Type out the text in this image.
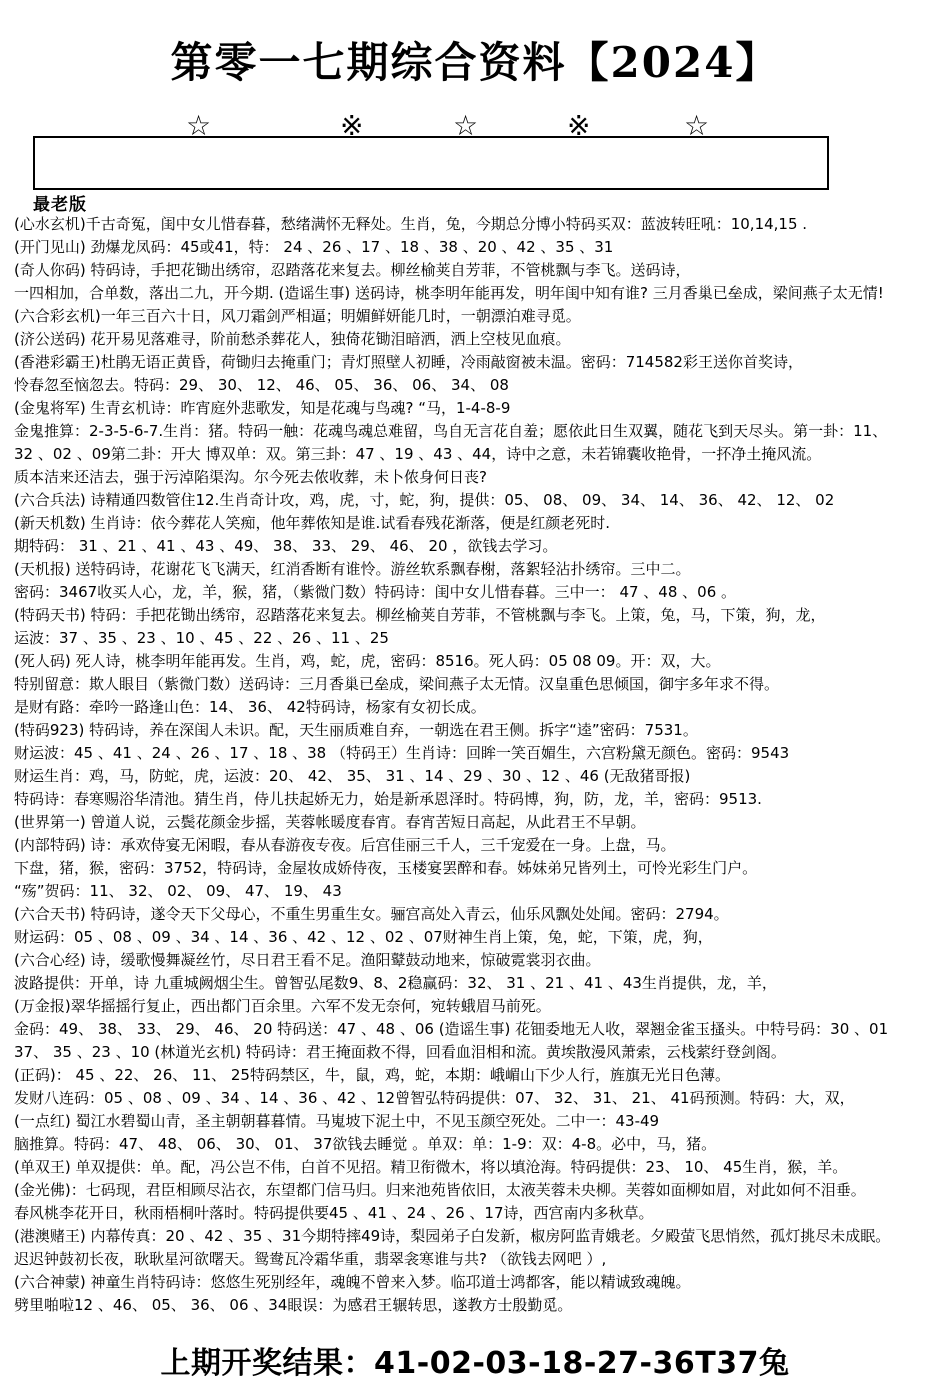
第零一七期综合资料【2024】
☆	※	☆	※	☆
最老版
(心水玄机)千古奇冤，闺中女儿惜春暮，愁绪满怀无释处。生肖，兔，今期总分博小特码买双：蓝波转旺吼：10,14,15 .
(开门见山) 劲爆龙凤码：45或41，特： 24 、26 、17 、18 、38 、20 、42 、35 、31
(奇人你码) 特码诗，手把花锄出绣帘，忍踏落花来复去。柳丝榆荚自芳菲，不管桃飘与李飞。送码诗，
一四相加，合单数，落出二九，开今期. (造谣生事) 送码诗，桃李明年能再发，明年闺中知有谁? 三月香巢已垒成，梁间燕子太无情!
(六合彩玄机)一年三百六十日，风刀霜剑严相逼；明媚鲜妍能几时，一朝漂泊难寻觅。
(济公送码) 花开易见落难寻，阶前愁杀葬花人，独倚花锄泪暗洒，洒上空枝见血痕。
(香港彩霸王)杜鹃无语正黄昏，荷锄归去掩重门；青灯照壁人初睡，冷雨敲窗被未温。密码：714582彩王送你首奖诗，
怜春忽至恼忽去。特码：29、 30、 12、 46、 05、 36、 06、 34、 08
(金鬼将军) 生青玄机诗：昨宵庭外悲歌发，知是花魂与鸟魂? “马，1-4-8-9
金鬼推算：2-3-5-6-7.生肖：猪。特码一触：花魂鸟魂总难留，鸟自无言花自羞；愿依此日生双翼，随花飞到天尽头。第一卦：11、
32 、02 、09第二卦：开大 博双单：双。第三卦：47 、19 、43 、44，诗中之意，未若锦囊收艳骨，一抔净土掩风流。
质本洁来还洁去，强于污淖陷渠沟。尔今死去侬收葬，未卜侬身何日丧?
(六合兵法) 诗精通四数管住12.生肖奇计攻，鸡，虎，寸，蛇，狗，提供：05、 08、 09、 34、 14、 36、 42、 12、 02
(新天机数) 生肖诗：依今葬花人笑痴，他年葬侬知是谁.试看春残花渐落，便是红颜老死时.
期特码： 31 、21 、41 、43 、49、 38、 33、 29、 46、 20 ，欲钱去学习。
(天机报) 送特码诗，花谢花飞飞满天，红消香断有谁怜。游丝软系飘春榭，落絮轻沾扑绣帘。三中二。
密码：3467收买人心，龙，羊，猴，猪，（紫微门数）特码诗：闺中女儿惜春暮。三中一： 47 、48 、06 。
(特码天书) 特码：手把花锄出绣帘，忍踏落花来复去。柳丝榆荚自芳菲，不管桃飘与李飞。上策，兔，马，下策，狗，龙，
运波：37 、35 、23 、10 、45 、22 、26 、11 、25
(死人码) 死人诗，桃李明年能再发。生肖，鸡，蛇，虎，密码：8516。死人码：05 08 09。开：双，大。
特别留意：欺人眼目（紫微门数）送码诗：三月香巢已垒成，梁间燕子太无情。汉皇重色思倾国，御宇多年求不得。
是财有路：牵吟一路逢山色：14、 36、 42特码诗，杨家有女初长成。
(特码923) 特码诗，养在深闺人未识。配，天生丽质难自弃，一朝选在君王侧。拆字“逵”密码：7531。
财运波：45 、41 、24 、26 、17 、18 、38 （特码王）生肖诗：回眸一笑百媚生，六宫粉黛无颜色。密码：9543
财运生肖：鸡，马，防蛇，虎，运波：20、 42、 35、 31 、14 、29 、30 、12 、46 (无敌猪哥报)
特码诗：春寒赐浴华清池。猜生肖，侍儿扶起娇无力，始是新承恩泽时。特码博，狗，防，龙，羊，密码：9513.
(世界第一) 曾道人说，云鬓花颜金步摇，芙蓉帐暖度春宵。春宵苦短日高起，从此君王不早朝。
(内部特码) 诗：承欢侍宴无闲暇，春从春游夜专夜。后宫佳丽三千人，三千宠爱在一身。上盘，马。
下盘，猪，猴，密码：3752，特码诗，金屋妆成娇侍夜，玉楼宴罢醉和春。姊妹弟兄皆列土，可怜光彩生门户。
“殇”贺码：11、 32、 02、 09、 47、 19、 43
(六合天书) 特码诗，遂令天下父母心，不重生男重生女。骊宫高处入青云，仙乐风飘处处闻。密码：2794。
财运码：05 、08 、09 、34 、14 、36 、42 、12 、02 、07财神生肖上策，兔，蛇，下策，虎，狗，
(六合心经) 诗，缓歌慢舞凝丝竹，尽日君王看不足。渔阳鼙鼓动地来，惊破霓裳羽衣曲。
波路提供：开单，诗 九重城阙烟尘生。曾智弘尾数9、8、2稳赢码：32、 31 、21 、41 、43生肖提供，龙，羊，
(万金报)翠华摇摇行复止，西出都门百余里。六军不发无奈何，宛转蛾眉马前死。
金码：49、 38、 33、 29、 46、 20 特码送：47 、48 、06 (造谣生事) 花钿委地无人收，翠翘金雀玉搔头。中特号码：30 、01
37、 35 、23 、10 (林道光玄机) 特码诗：君王掩面救不得，回看血泪相和流。黄埃散漫风萧索，云栈萦纡登剑阁。
(正码)： 45 、22、 26、 11、 25特码禁区，牛，鼠，鸡，蛇，本期：峨嵋山下少人行，旌旗无光日色薄。
发财八连码：05 、08 、09 、34 、14 、36 、42 、12曾智弘特码提供：07、 32、 31、 21、 41码预测。特码：大，双，
(一点红) 蜀江水碧蜀山青，圣主朝朝暮暮情。马嵬坡下泥土中，不见玉颜空死处。二中一：43-49
脑推算。特码：47、 48、 06、 30、 01、 37欲钱去睡觉 。单双：单：1-9：双：4-8。必中，马，猪。
(单双王) 单双提供：单。配，冯公岂不伟，白首不见招。精卫衔微木，将以填沧海。特码提供：23、 10、 45生肖，猴，羊。
(金光佛)：七码现，君臣相顾尽沾衣，东望都门信马归。归来池苑皆依旧，太液芙蓉未央柳。芙蓉如面柳如眉，对此如何不泪垂。
春风桃李花开日，秋雨梧桐叶落时。特码提供要45 、41 、24 、26 、17诗，西宫南内多秋草。
(港澳赌王) 内幕传真：20 、42 、35 、31今期特摔49诗，梨园弟子白发新，椒房阿监青娥老。夕殿萤飞思悄然，孤灯挑尽未成眠。
迟迟钟鼓初长夜，耿耿星河欲曙天。鸳鸯瓦冷霜华重，翡翠衾寒谁与共? （欲钱去网吧 ）,
(六合神蒙) 神童生肖特码诗：悠悠生死别经年，魂魄不曾来入梦。临邛道士鸿都客，能以精诚致魂魄。
劈里啪啦12 、46、 05、 36、 06 、34眼误：为感君王辗转思，遂教方士殷勤觅。
上期开奖结果：41-02-03-18-27-36T37兔
